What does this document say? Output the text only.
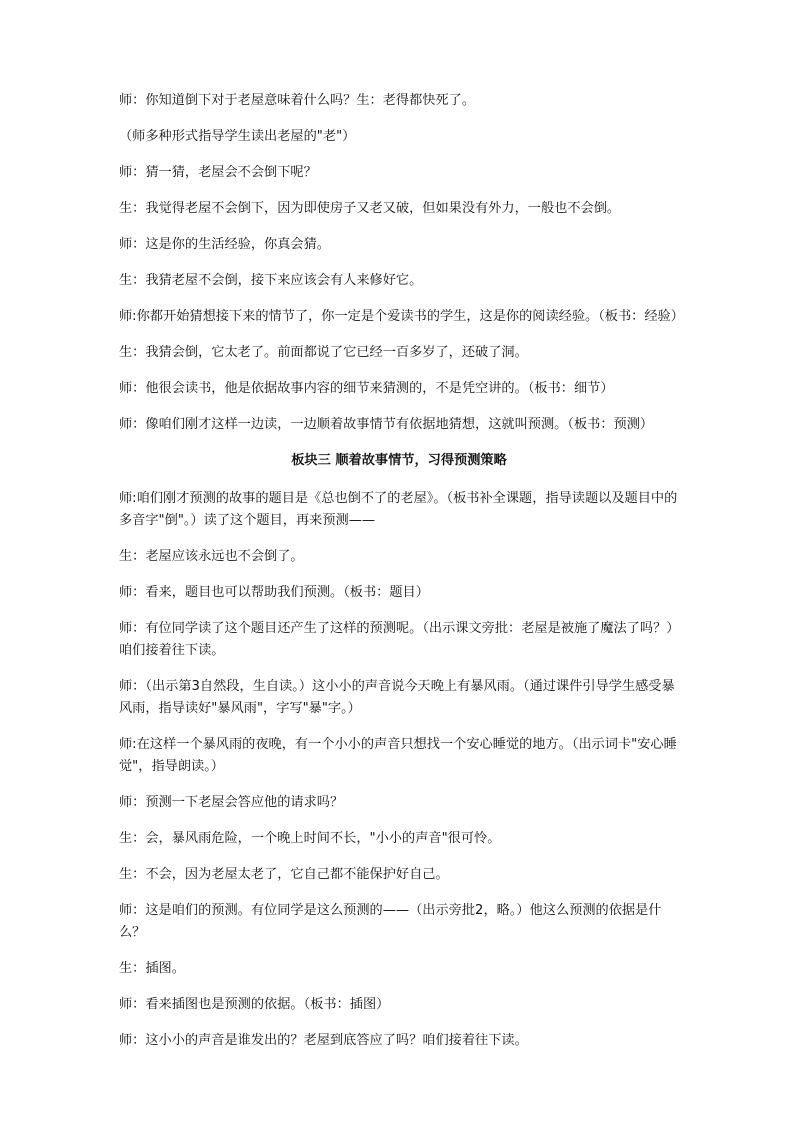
师：你知道倒下对于老屋意味着什么吗？生：老得都快死了。

（师多种形式指导学生读出老屋的"老"）

师：猜一猜，老屋会不会倒下呢？

生：我觉得老屋不会倒下，因为即使房子又老又破，但如果没有外力，一般也不会倒。

师：这是你的生活经验，你真会猜。

生：我猜老屋不会倒，接下来应该会有人来修好它。

师:你都开始猜想接下来的情节了，你一定是个爱读书的学生，这是你的阅读经验。（板书：经验）

生：我猜会倒，它太老了。前面都说了它已经一百多岁了，还破了洞。

师：他很会读书，他是依据故事内容的细节来猜测的，不是凭空讲的。（板书：细节）

师：像咱们刚才这样一边读，一边顺着故事情节有依据地猜想，这就叫预测。（板书：预测）

板块三 顺着故事情节，习得预测策略

师:咱们刚才预测的故事的题目是《总也倒不了的老屋》。（板书补全课题，指导读题以及题目中的多音字"倒"。）读了这个题目，再来预测——

生：老屋应该永远也不会倒了。

师：看来，题目也可以帮助我们预测。（板书：题目）

师：有位同学读了这个题目还产生了这样的预测呢。（出示课文旁批：老屋是被施了魔法了吗？）咱们接着往下读。

师：（出示第3自然段，生自读。）这小小的声音说今天晚上有暴风雨。（通过课件引导学生感受暴风雨，指导读好"暴风雨"，字写"暴"字。）

师:在这样一个暴风雨的夜晚，有一个小小的声音只想找一个安心睡觉的地方。（出示词卡"安心睡觉"，指导朗读。）

师：预测一下老屋会答应他的请求吗？

生：会，暴风雨危险，一个晚上时间不长，"小小的声音"很可怜。

生：不会，因为老屋太老了，它自己都不能保护好自己。

师：这是咱们的预测。有位同学是这么预测的——（出示旁批2，略。）他这么预测的依据是什么？

生：插图。

师：看来插图也是预测的依据。（板书：插图）

师：这小小的声音是谁发出的？老屋到底答应了吗？咱们接着往下读。
